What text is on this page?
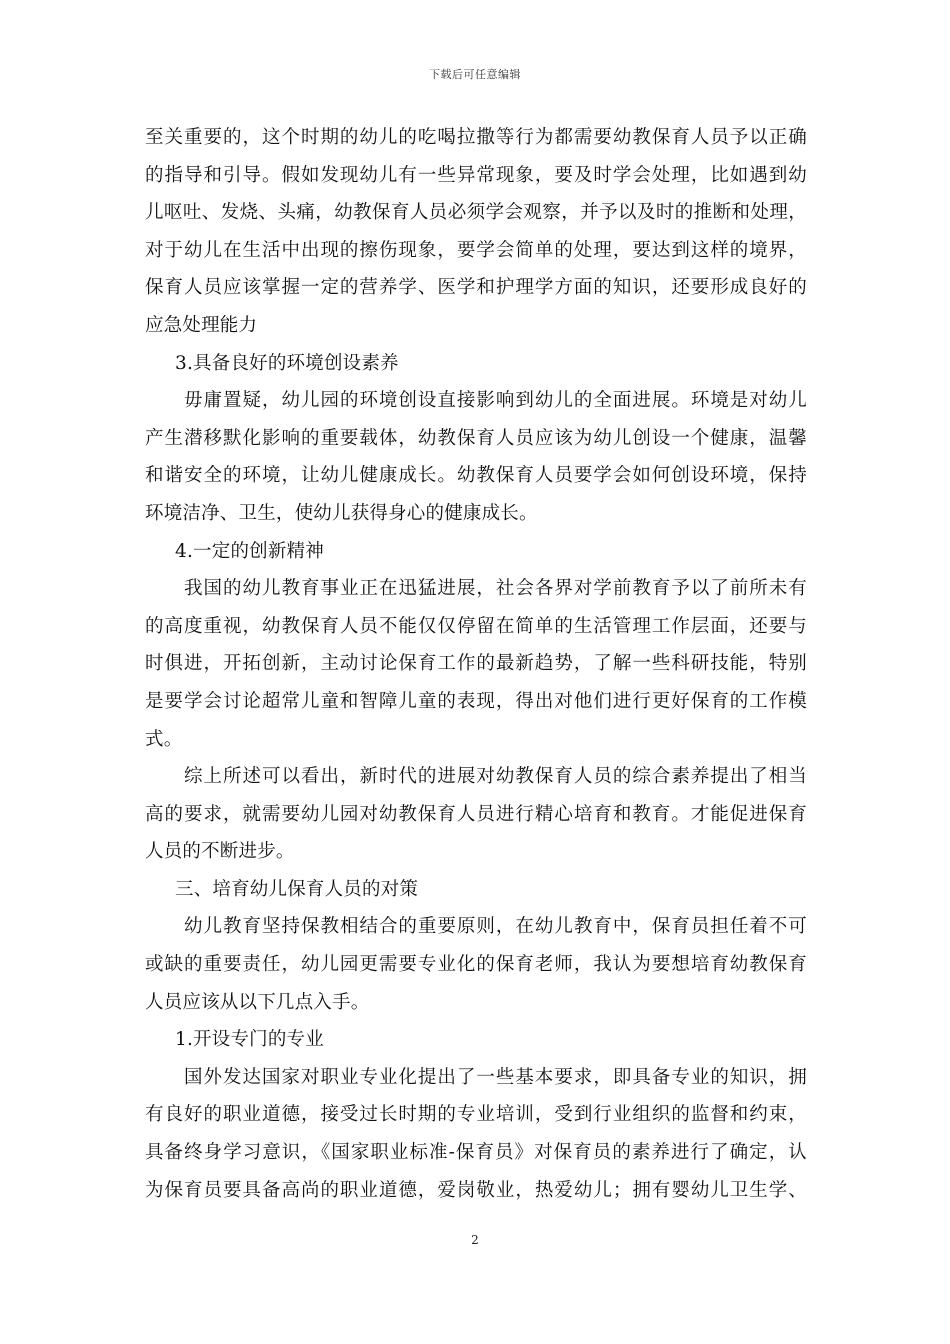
下载后可任意编辑
至关重要的，这个时期的幼儿的吃喝拉撒等行为都需要幼教保育人员予以正确
的指导和引导。假如发现幼儿有一些异常现象，要及时学会处理，比如遇到幼
儿呕吐、发烧、头痛，幼教保育人员必须学会观察，并予以及时的推断和处理，
对于幼儿在生活中出现的擦伤现象，要学会简单的处理，要达到这样的境界，
保育人员应该掌握一定的营养学、医学和护理学方面的知识，还要形成良好的
应急处理能力
3.具备良好的环境创设素养
毋庸置疑，幼儿园的环境创设直接影响到幼儿的全面进展。环境是对幼儿
产生潜移默化影响的重要载体，幼教保育人员应该为幼儿创设一个健康，温馨
和谐安全的环境，让幼儿健康成长。幼教保育人员要学会如何创设环境，保持
环境洁净、卫生，使幼儿获得身心的健康成长。
4.一定的创新精神
我国的幼儿教育事业正在迅猛进展，社会各界对学前教育予以了前所未有
的高度重视，幼教保育人员不能仅仅停留在简单的生活管理工作层面，还要与
时俱进，开拓创新，主动讨论保育工作的最新趋势，了解一些科研技能，特别
是要学会讨论超常儿童和智障儿童的表现，得出对他们进行更好保育的工作模
式。
综上所述可以看出，新时代的进展对幼教保育人员的综合素养提出了相当
高的要求，就需要幼儿园对幼教保育人员进行精心培育和教育。才能促进保育
人员的不断进步。
三、培育幼儿保育人员的对策
幼儿教育坚持保教相结合的重要原则，在幼儿教育中，保育员担任着不可
或缺的重要责任，幼儿园更需要专业化的保育老师，我认为要想培育幼教保育
人员应该从以下几点入手。
1.开设专门的专业
国外发达国家对职业专业化提出了一些基本要求，即具备专业的知识，拥
有良好的职业道德，接受过长时期的专业培训，受到行业组织的监督和约束，
具备终身学习意识，《国家职业标准-保育员》对保育员的素养进行了确定，认
为保育员要具备高尚的职业道德，爱岗敬业，热爱幼儿；拥有婴幼儿卫生学、
2
